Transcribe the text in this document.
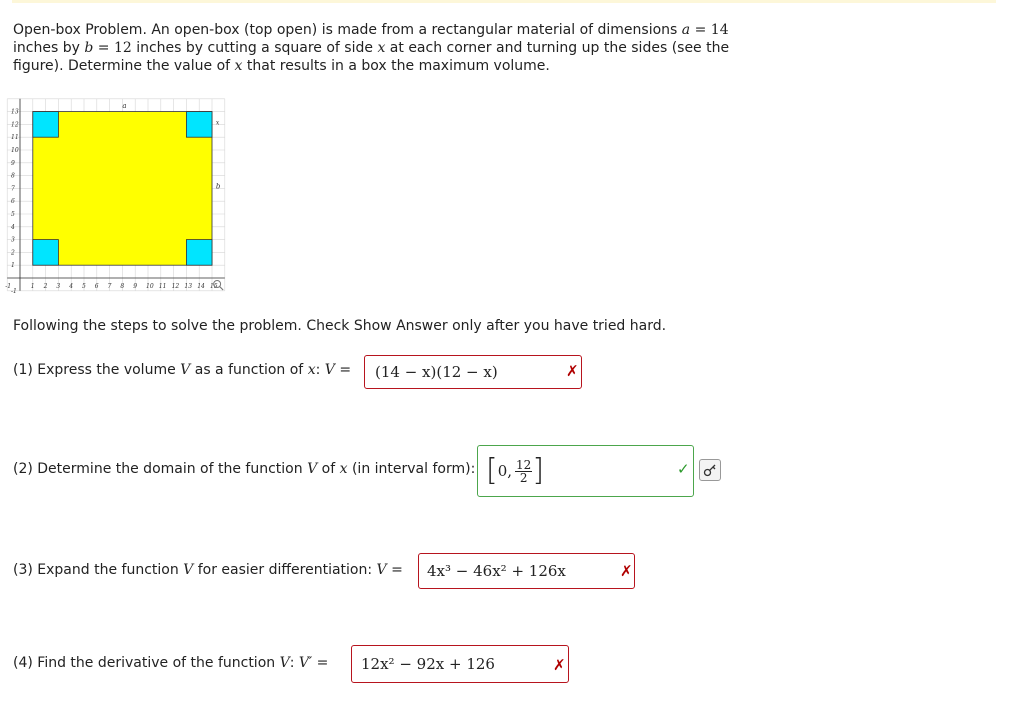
Open-box Problem. An open-box (top open) is made from a rectangular material of dimensions a = 14 inches by b = 12 inches by cutting a square of side x at each corner and turning up the sides (see the figure). Determine the value of x that results in a box the maximum volume.
-1	1 2 3 4 5 6 7 8 9 10 11 12 13 14 15
13
12
11
10
9
8
7
6
5
4
3
2
1
-1
a
b
x
Following the steps to solve the problem. Check Show Answer only after you have tried hard.
(1) Express the volume V as a function of x: V = (14 − x)(12 − x)	✗
(2) Determine the domain of the function V of x (in interval form): [ 0, $\frac{12}{2}$ ]	✓
(3) Expand the function V for easier differentiation: V = 4x³ − 46x² + 126x	✗
(4) Find the derivative of the function V: V′ = 12x² − 92x + 126	✗
